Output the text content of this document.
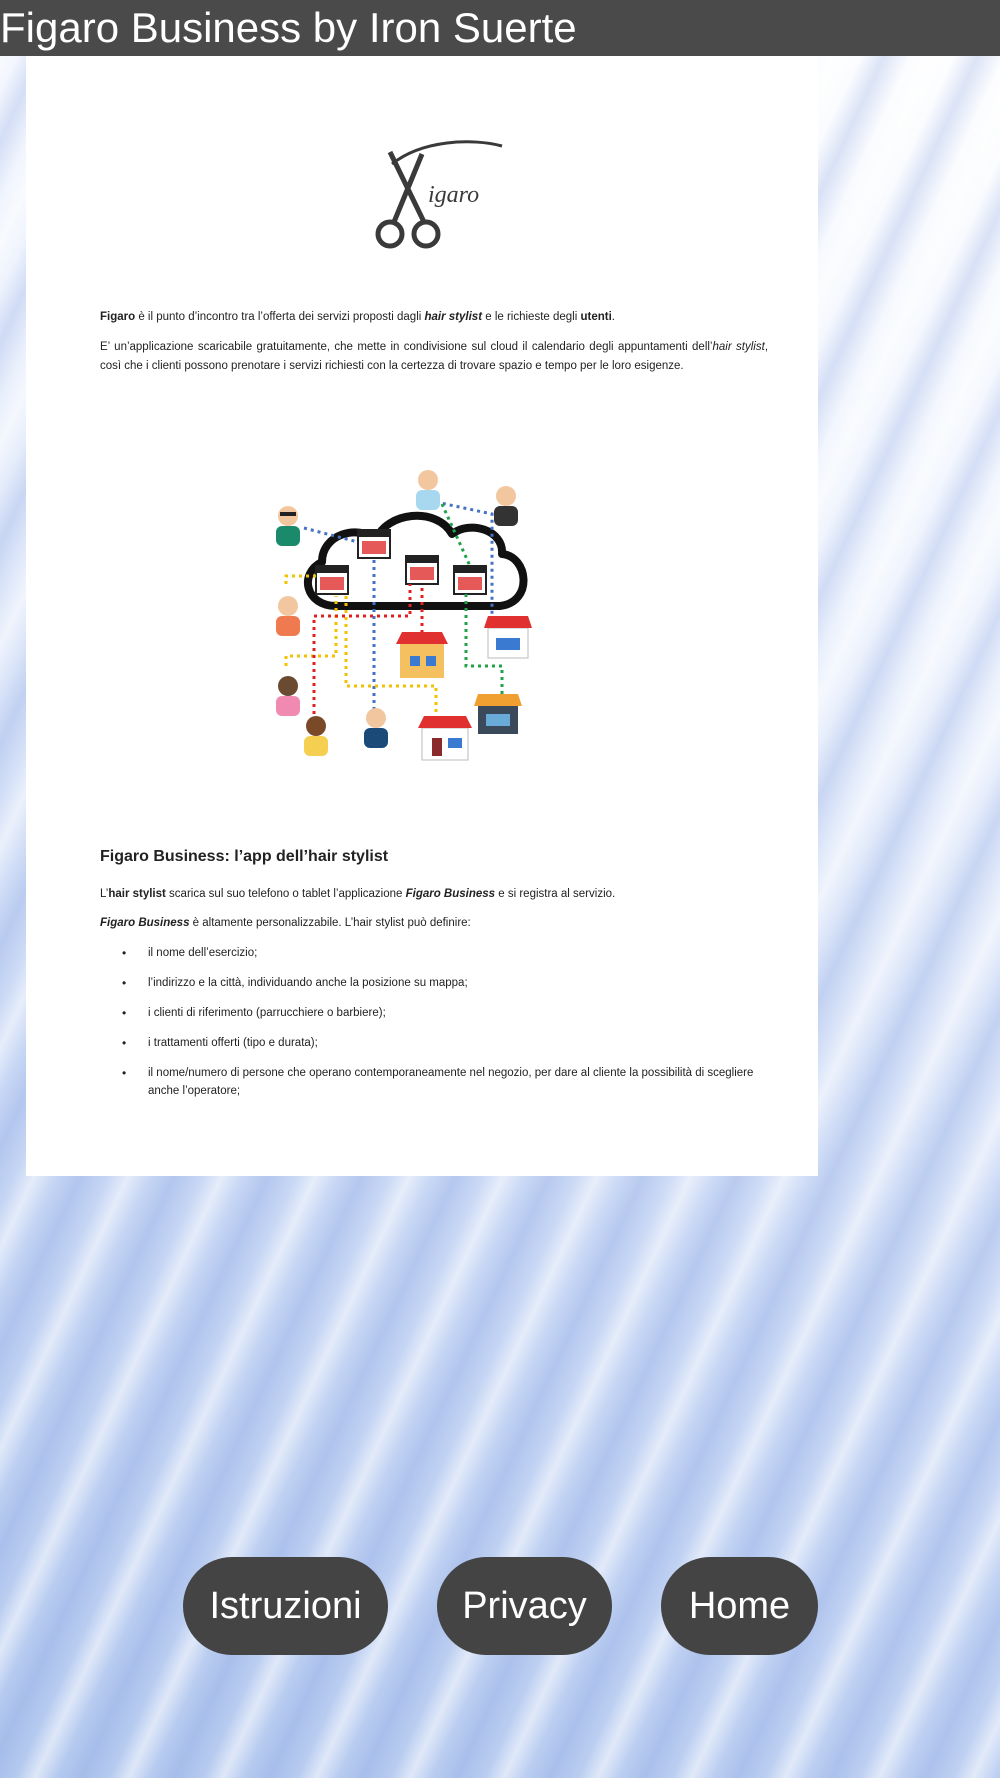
Figaro Business by Iron Suerte
igaro
Figaro è il punto d’incontro tra l’offerta dei servizi proposti dagli hair stylist e le richieste degli utenti.
E’ un’applicazione scaricabile gratuitamente, che mette in condivisione sul cloud il calendario degli appuntamenti dell’hair stylist, così che i clienti possono prenotare i servizi richiesti con la certezza di trovare spazio e tempo per le loro esigenze.
Figaro Business: l’app dell’hair stylist
L’hair stylist scarica sul suo telefono o tablet l’applicazione Figaro Business e si registra al servizio.
Figaro Business è altamente personalizzabile. L’hair stylist può definire:
• il nome dell’esercizio;
• l’indirizzo e la città, individuando anche la posizione su mappa;
• i clienti di riferimento (parrucchiere o barbiere);
• i trattamenti offerti (tipo e durata);
• il nome/numero di persone che operano contemporaneamente nel negozio, per dare al cliente la possibilità di scegliere anche l’operatore;
Istruzioni	Privacy	Home
